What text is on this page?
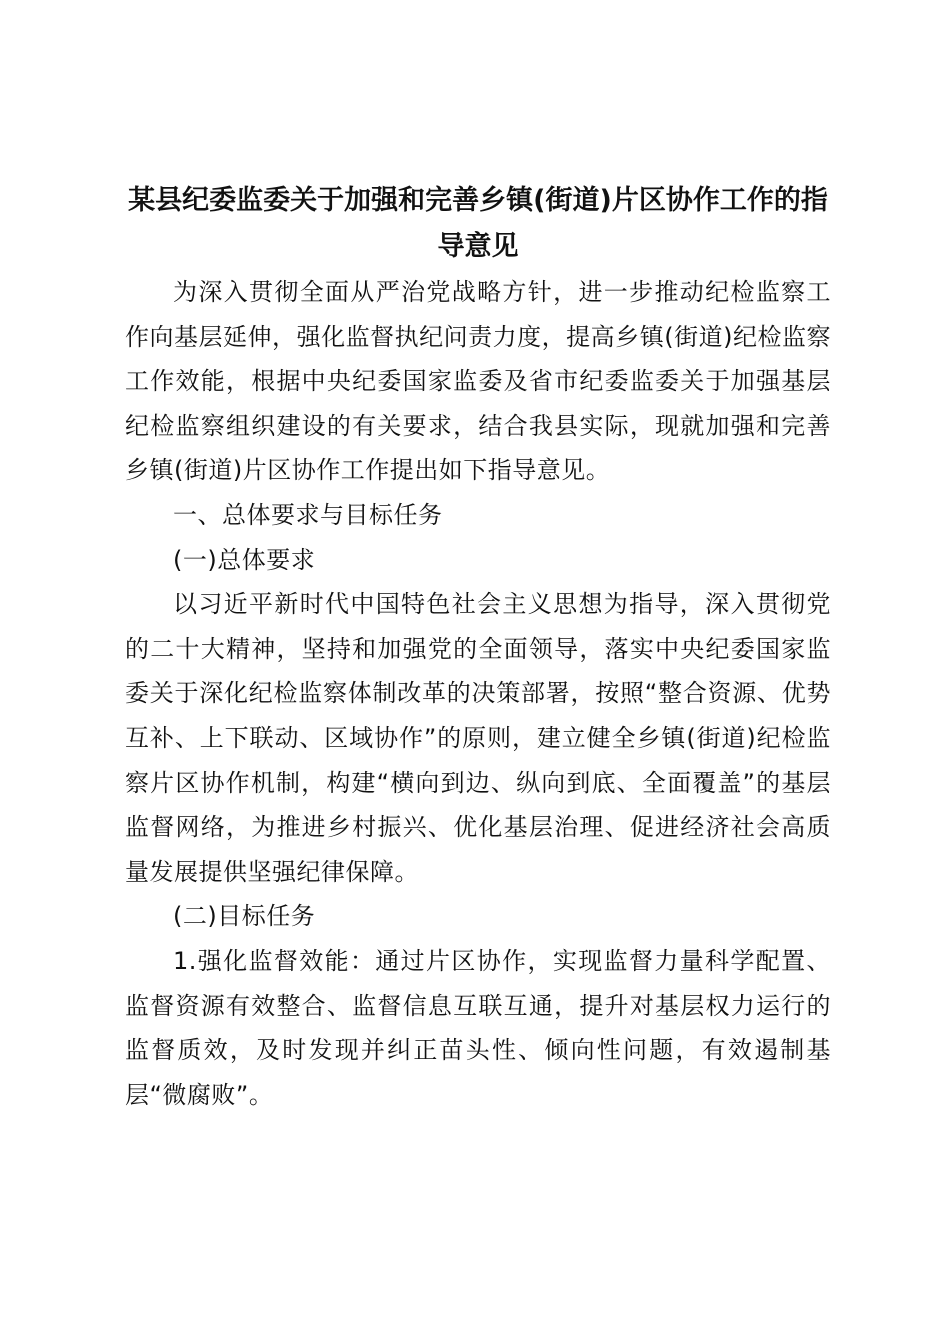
某县纪委监委关于加强和完善乡镇(街道)片区协作工作的指导意见

为深入贯彻全面从严治党战略方针，进一步推动纪检监察工作向基层延伸，强化监督执纪问责力度，提高乡镇(街道)纪检监察工作效能，根据中央纪委国家监委及省市纪委监委关于加强基层纪检监察组织建设的有关要求，结合我县实际，现就加强和完善乡镇(街道)片区协作工作提出如下指导意见。

一、总体要求与目标任务

(一)总体要求

以习近平新时代中国特色社会主义思想为指导，深入贯彻党的二十大精神，坚持和加强党的全面领导，落实中央纪委国家监委关于深化纪检监察体制改革的决策部署，按照“整合资源、优势互补、上下联动、区域协作”的原则，建立健全乡镇(街道)纪检监察片区协作机制，构建“横向到边、纵向到底、全面覆盖”的基层监督网络，为推进乡村振兴、优化基层治理、促进经济社会高质量发展提供坚强纪律保障。

(二)目标任务

1.强化监督效能：通过片区协作，实现监督力量科学配置、监督资源有效整合、监督信息互联互通，提升对基层权力运行的监督质效，及时发现并纠正苗头性、倾向性问题，有效遏制基层“微腐败”。
